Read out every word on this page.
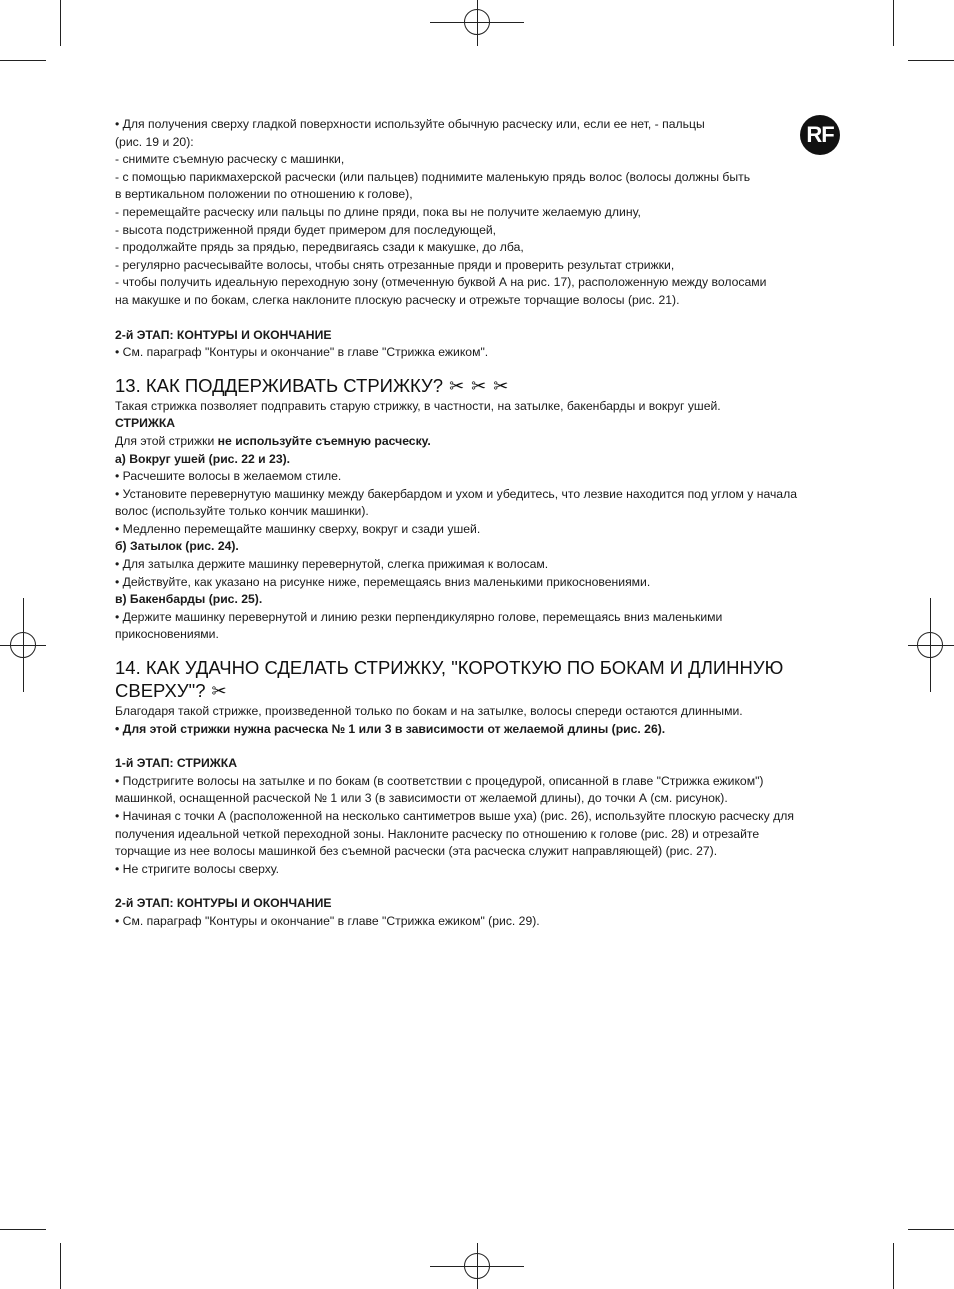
RF
• Для получения сверху гладкой поверхности используйте обычную расческу или, если ее нет, - пальцы
(рис. 19 и 20):
- снимите съемную расческу с машинки,
- с помощью парикмахерской расчески (или пальцев) поднимите маленькую прядь волос (волосы должны быть
в вертикальном положении по отношению к голове),
- перемещайте расческу или пальцы по длине пряди, пока вы не получите желаемую длину,
- высота подстриженной пряди будет примером для последующей,
- продолжайте прядь за прядью, передвигаясь сзади к макушке, до лба,
- регулярно расчесывайте волосы, чтобы снять отрезанные пряди и проверить результат стрижки,
- чтобы получить идеальную переходную зону (отмеченную буквой А на рис. 17), расположенную между волосами
на макушке и по бокам, слегка наклоните плоскую расческу и отрежьте торчащие волосы (рис. 21).
2-й ЭТАП: КОНТУРЫ И ОКОНЧАНИЕ
• См. параграф "Контуры и окончание" в главе "Стрижка ежиком".
13. КАК ПОДДЕРЖИВАТЬ СТРИЖКУ? ✂ ✂ ✂
Такая стрижка позволяет подправить старую стрижку, в частности, на затылке, бакенбарды и вокруг ушей.
СТРИЖКА
Для этой стрижки не используйте съемную расческу.
а) Вокруг ушей (рис. 22 и 23).
• Расчешите волосы в желаемом стиле.
• Установите перевернутую машинку между бакербардом и ухом и убедитесь, что лезвие находится под углом у начала
волос (используйте только кончик машинки).
• Медленно перемещайте машинку сверху, вокруг и сзади ушей.
б) Затылок (рис. 24).
• Для затылка держите машинку перевернутой, слегка прижимая к волосам.
• Действуйте, как указано на рисунке ниже, перемещаясь вниз маленькими прикосновениями.
в) Бакенбарды (рис. 25).
• Держите машинку перевернутой и линию резки перпендикулярно голове, перемещаясь вниз маленькими
прикосновениями.
14. КАК УДАЧНО СДЕЛАТЬ СТРИЖКУ, "КОРОТКУЮ ПО БОКАМ И ДЛИННУЮ
СВЕРХУ"? ✂
Благодаря такой стрижке, произведенной только по бокам и на затылке, волосы спереди остаются длинными.
• Для этой стрижки нужна расческа № 1 или 3 в зависимости от желаемой длины (рис. 26).
1-й ЭТАП: СТРИЖКА
• Подстригите волосы на затылке и по бокам (в соответствии с процедурой, описанной в главе "Стрижка ежиком")
машинкой, оснащенной расческой № 1 или 3 (в зависимости от желаемой длины), до точки А (см. рисунок).
• Начиная с точки А (расположенной на несколько сантиметров выше уха) (рис. 26), используйте плоскую расческу для
получения идеальной четкой переходной зоны. Наклоните расческу по отношению к голове (рис. 28) и отрезайте
торчащие из нее волосы машинкой без съемной расчески (эта расческа служит направляющей) (рис. 27).
• Не стригите волосы сверху.
2-й ЭТАП: КОНТУРЫ И ОКОНЧАНИЕ
• См. параграф "Контуры и окончание" в главе "Стрижка ежиком" (рис. 29).
